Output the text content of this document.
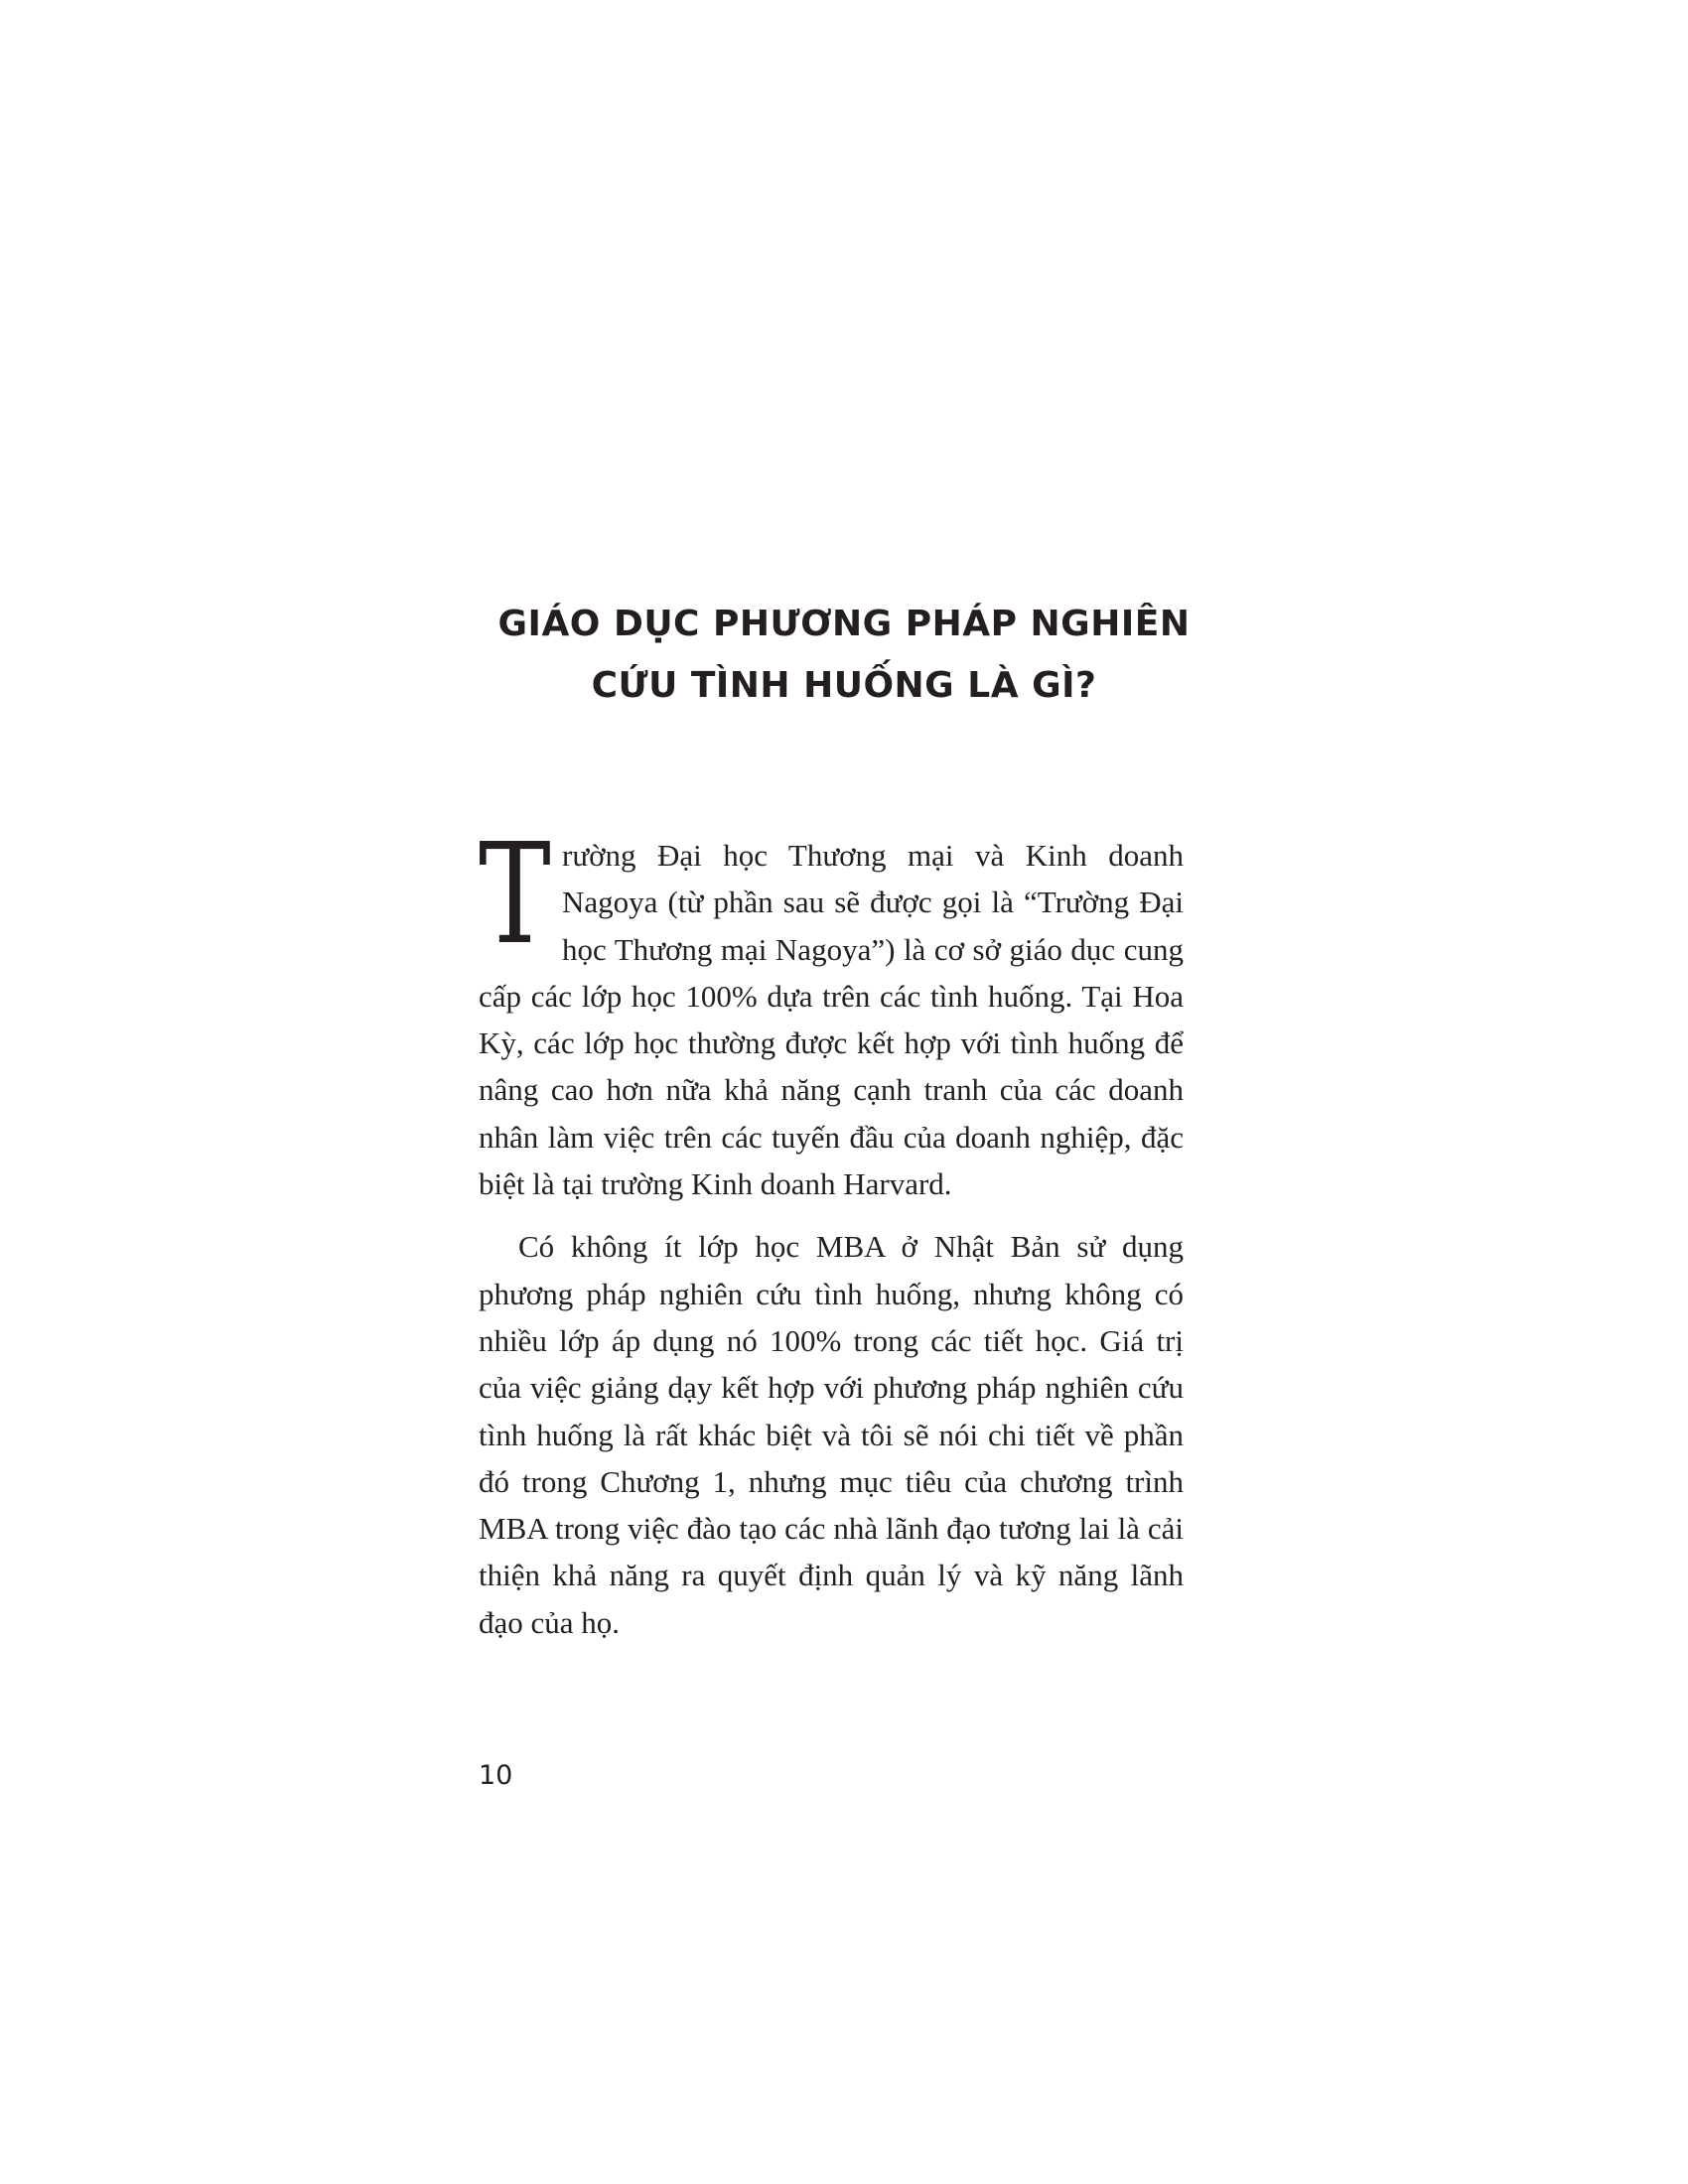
GIÁO DỤC PHƯƠNG PHÁP NGHIÊN
CỨU TÌNH HUỐNG LÀ GÌ?

Trường Đại học Thương mại và Kinh doanh Nagoya (từ phần sau sẽ được gọi là “Trường Đại học Thương mại Nagoya”) là cơ sở giáo dục cung cấp các lớp học 100% dựa trên các tình huống. Tại Hoa Kỳ, các lớp học thường được kết hợp với tình huống để nâng cao hơn nữa khả năng cạnh tranh của các doanh nhân làm việc trên các tuyến đầu của doanh nghiệp, đặc biệt là tại trường Kinh doanh Harvard.

Có không ít lớp học MBA ở Nhật Bản sử dụng phương pháp nghiên cứu tình huống, nhưng không có nhiều lớp áp dụng nó 100% trong các tiết học. Giá trị của việc giảng dạy kết hợp với phương pháp nghiên cứu tình huống là rất khác biệt và tôi sẽ nói chi tiết về phần đó trong Chương 1, nhưng mục tiêu của chương trình MBA trong việc đào tạo các nhà lãnh đạo tương lai là cải thiện khả năng ra quyết định quản lý và kỹ năng lãnh đạo của họ.

10
